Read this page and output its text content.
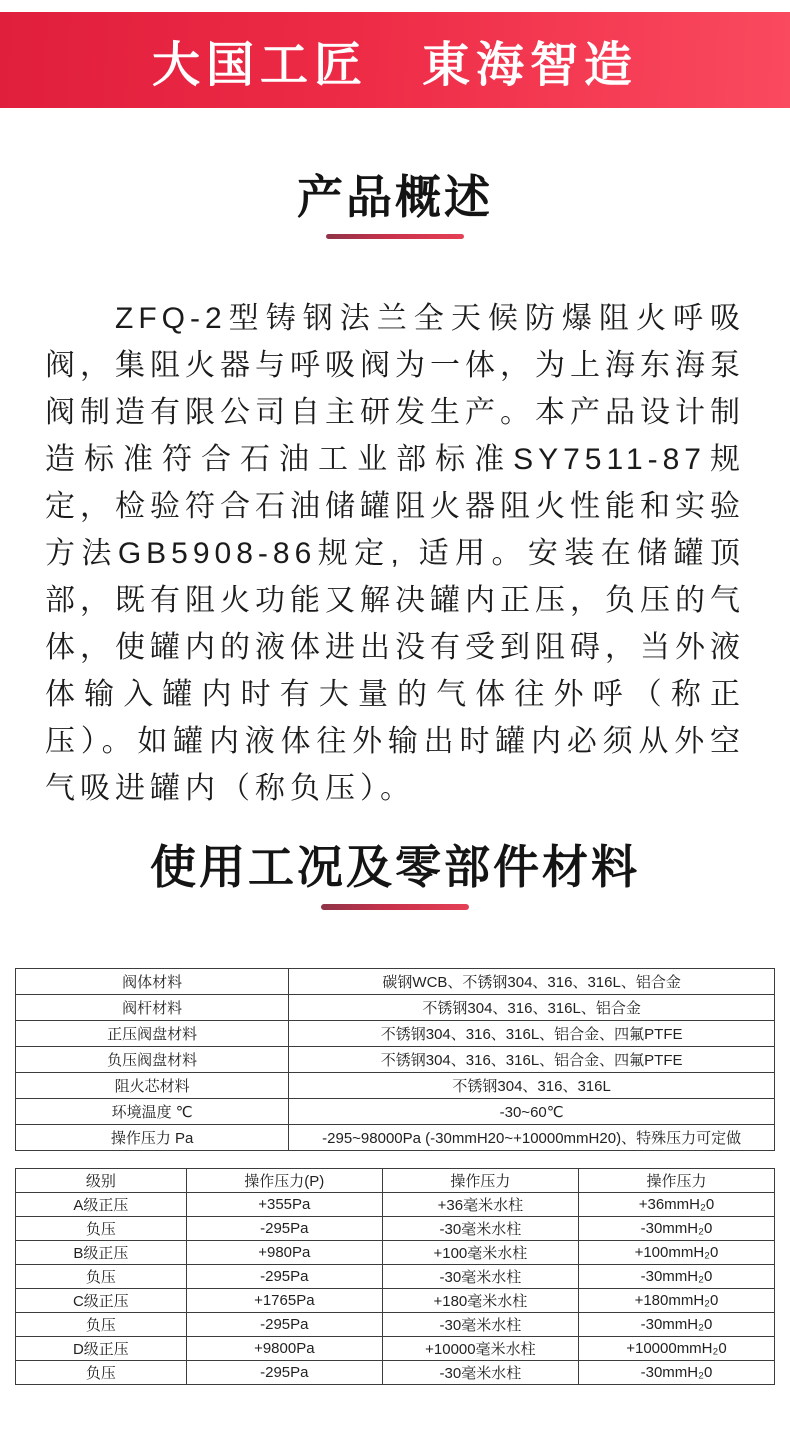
大国工匠　東海智造
产品概述

ZFQ-2型铸钢法兰全天候防爆阻火呼吸阀，集阻火器与呼吸阀为一体，为上海东海泵阀制造有限公司自主研发生产。本产品设计制造标准符合石油工业部标准SY7511-87规定，检验符合石油储罐阻火器阻火性能和实验方法GB5908-86规定, 适用。安装在储罐顶部，既有阻火功能又解决罐内正压，负压的气体，使罐内的液体进出没有受到阻碍，当外液体输入罐内时有大量的气体往外呼（称正压）。如罐内液体往外输出时罐内必须从外空气吸进罐内（称负压）。

使用工况及零部件材料
阀体材料	碳钢WCB、不锈钢304、316、316L、铝合金
阀杆材料	不锈钢304、316、316L、铝合金
正压阀盘材料	不锈钢304、316、316L、铝合金、四氟PTFE
负压阀盘材料	不锈钢304、316、316L、铝合金、四氟PTFE
阻火芯材料	不锈钢304、316、316L
环境温度 ℃	-30~60℃
操作压力 Pa	-295~98000Pa (-30mmH20~+10000mmH20)、特殊压力可定做
级别	操作压力(P)	操作压力	操作压力
A级正压	+355Pa	+36毫米水柱	+36mmH₂0
负压	-295Pa	-30毫米水柱	-30mmH₂0
B级正压	+980Pa	+100毫米水柱	+100mmH₂0
负压	-295Pa	-30毫米水柱	-30mmH₂0
C级正压	+1765Pa	+180毫米水柱	+180mmH₂0
负压	-295Pa	-30毫米水柱	-30mmH₂0
D级正压	+9800Pa	+10000毫米水柱	+10000mmH₂0
负压	-295Pa	-30毫米水柱	-30mmH₂0
